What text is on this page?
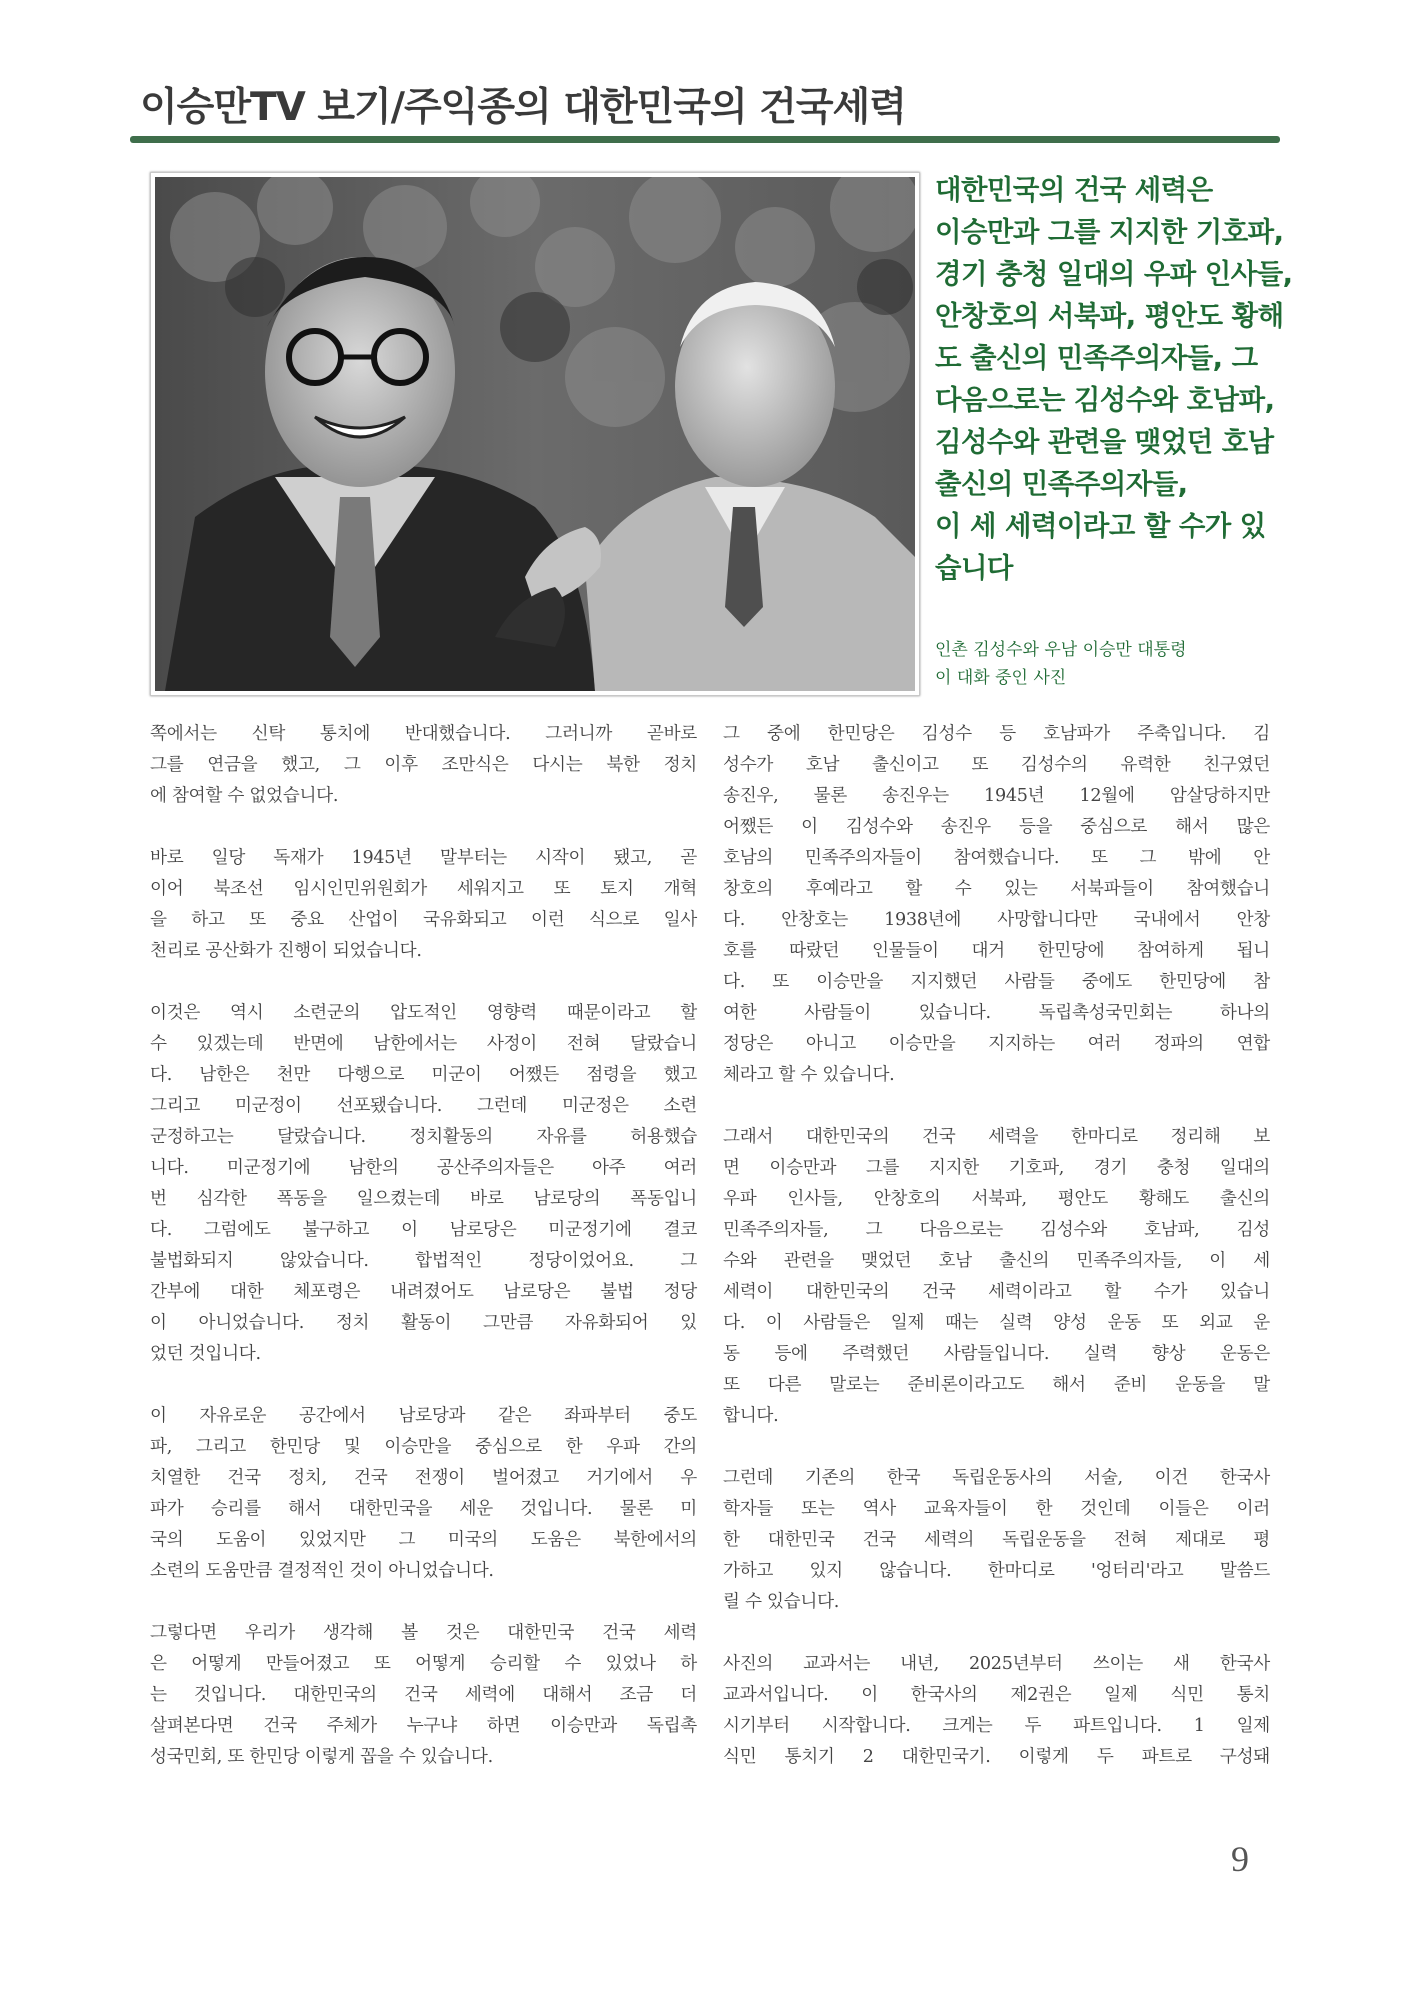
이승만TV 보기/주익종의 대한민국의 건국세력
대한민국의 건국 세력은
이승만과 그를 지지한 기호파,
경기 충청 일대의 우파 인사들,
안창호의 서북파, 평안도 황해
도 출신의 민족주의자들, 그
다음으로는 김성수와 호남파,
김성수와 관련을 맺었던 호남
출신의 민족주의자들,
이 세 세력이라고 할 수가 있
습니다
인촌 김성수와 우남 이승만 대통령
이 대화 중인 사진

쪽에서는 신탁 통치에 반대했습니다. 그러니까 곧바로
그를 연금을 했고, 그 이후 조만식은 다시는 북한 정치
에 참여할 수 없었습니다.

바로 일당 독재가 1945년 말부터는 시작이 됐고, 곧
이어 북조선 임시인민위원회가 세워지고 또 토지 개혁
을 하고 또 중요 산업이 국유화되고 이런 식으로 일사
천리로 공산화가 진행이 되었습니다.

이것은 역시 소련군의 압도적인 영향력 때문이라고 할
수 있겠는데 반면에 남한에서는 사정이 전혀 달랐습니
다. 남한은 천만 다행으로 미군이 어쨌든 점령을 했고
그리고 미군정이 선포됐습니다. 그런데 미군정은 소련
군정하고는 달랐습니다. 정치활동의 자유를 허용했습
니다. 미군정기에 남한의 공산주의자들은 아주 여러
번 심각한 폭동을 일으켰는데 바로 남로당의 폭동입니
다. 그럼에도 불구하고 이 남로당은 미군정기에 결코
불법화되지 않았습니다. 합법적인 정당이었어요. 그
간부에 대한 체포령은 내려졌어도 남로당은 불법 정당
이 아니었습니다. 정치 활동이 그만큼 자유화되어 있
었던 것입니다.

이 자유로운 공간에서 남로당과 같은 좌파부터 중도
파, 그리고 한민당 및 이승만을 중심으로 한 우파 간의
치열한 건국 정치, 건국 전쟁이 벌어졌고 거기에서 우
파가 승리를 해서 대한민국을 세운 것입니다. 물론 미
국의 도움이 있었지만 그 미국의 도움은 북한에서의
소련의 도움만큼 결정적인 것이 아니었습니다.

그렇다면 우리가 생각해 볼 것은 대한민국 건국 세력
은 어떻게 만들어졌고 또 어떻게 승리할 수 있었나 하
는 것입니다. 대한민국의 건국 세력에 대해서 조금 더
살펴본다면 건국 주체가 누구냐 하면 이승만과 독립촉
성국민회, 또 한민당 이렇게 꼽을 수 있습니다.

그 중에 한민당은 김성수 등 호남파가 주축입니다. 김
성수가 호남 출신이고 또 김성수의 유력한 친구였던
송진우, 물론 송진우는 1945년 12월에 암살당하지만
어쨌든 이 김성수와 송진우 등을 중심으로 해서 많은
호남의 민족주의자들이 참여했습니다. 또 그 밖에 안
창호의 후예라고 할 수 있는 서북파들이 참여했습니
다. 안창호는 1938년에 사망합니다만 국내에서 안창
호를 따랐던 인물들이 대거 한민당에 참여하게 됩니
다. 또 이승만을 지지했던 사람들 중에도 한민당에 참
여한 사람들이 있습니다. 독립촉성국민회는 하나의
정당은 아니고 이승만을 지지하는 여러 정파의 연합
체라고 할 수 있습니다.

그래서 대한민국의 건국 세력을 한마디로 정리해 보
면 이승만과 그를 지지한 기호파, 경기 충청 일대의
우파 인사들, 안창호의 서북파, 평안도 황해도 출신의
민족주의자들, 그 다음으로는 김성수와 호남파, 김성
수와 관련을 맺었던 호남 출신의 민족주의자들, 이 세
세력이 대한민국의 건국 세력이라고 할 수가 있습니
다. 이 사람들은 일제 때는 실력 양성 운동 또 외교 운
동 등에 주력했던 사람들입니다. 실력 향상 운동은
또 다른 말로는 준비론이라고도 해서 준비 운동을 말
합니다.

그런데 기존의 한국 독립운동사의 서술, 이건 한국사
학자들 또는 역사 교육자들이 한 것인데 이들은 이러
한 대한민국 건국 세력의 독립운동을 전혀 제대로 평
가하고 있지 않습니다. 한마디로 '엉터리'라고 말씀드
릴 수 있습니다.

사진의 교과서는 내년, 2025년부터 쓰이는 새 한국사
교과서입니다. 이 한국사의 제2권은 일제 식민 통치
시기부터 시작합니다. 크게는 두 파트입니다. 1 일제
식민 통치기 2 대한민국기. 이렇게 두 파트로 구성돼

9
